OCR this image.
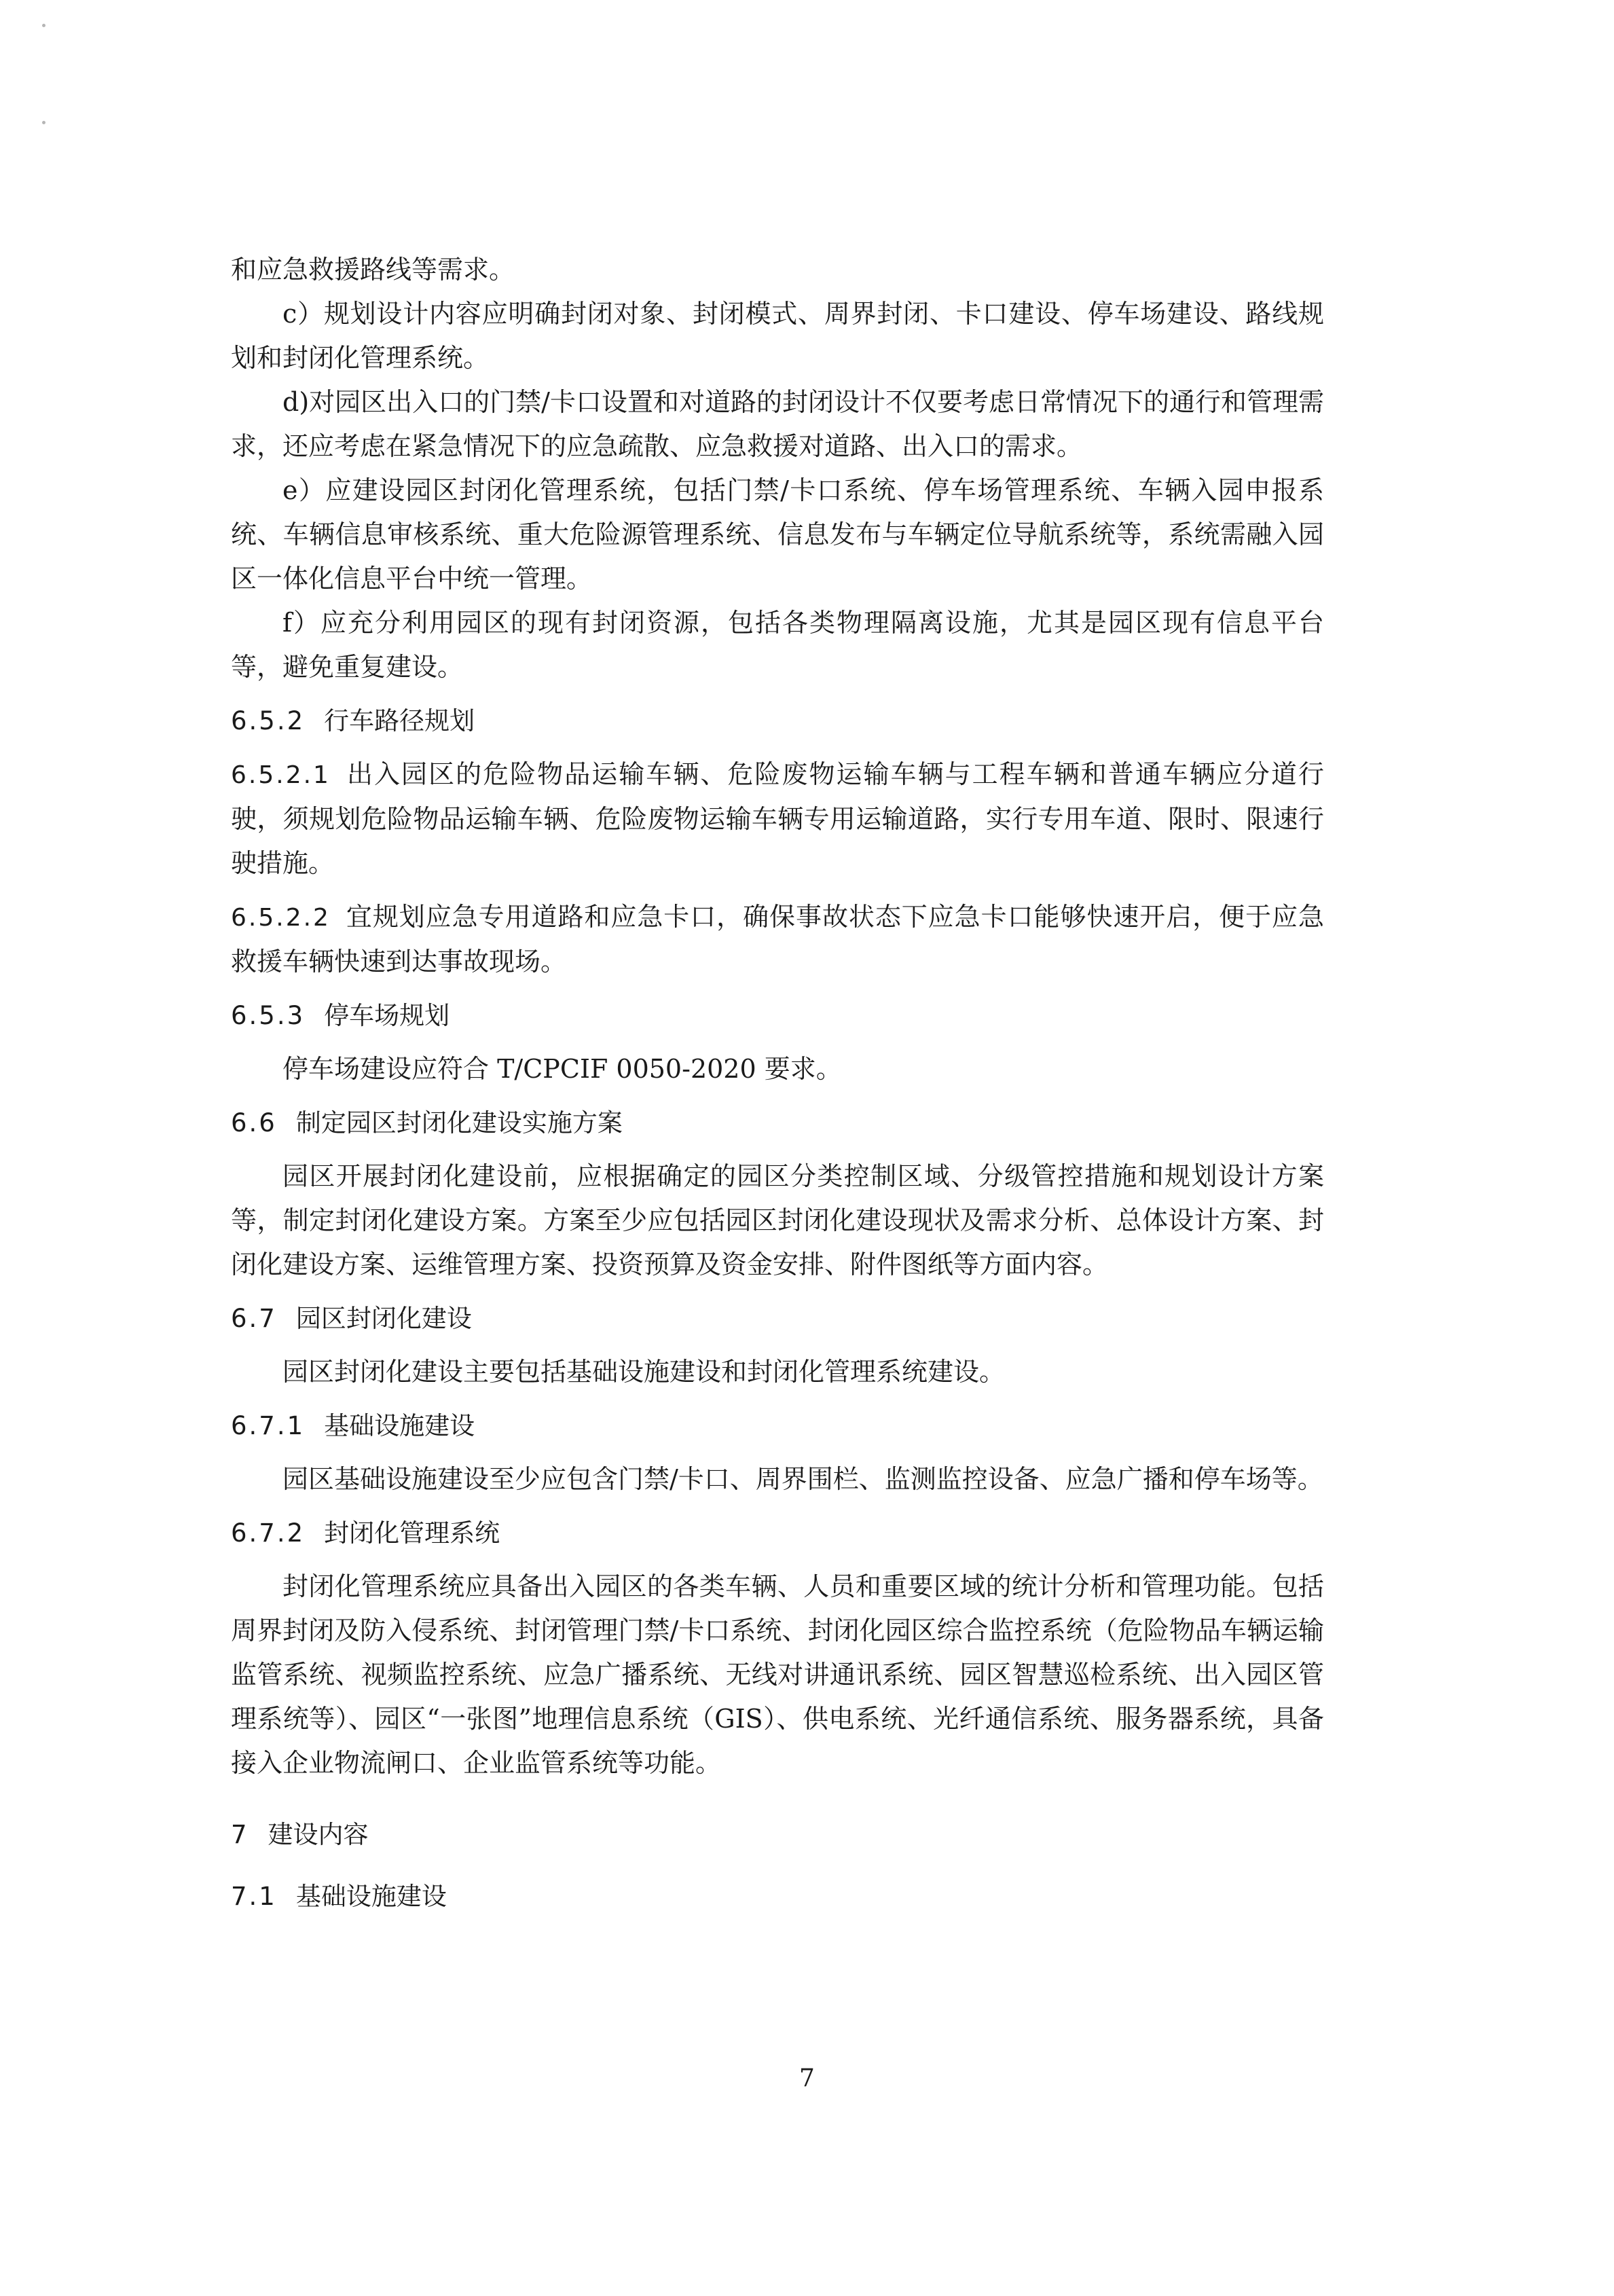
和应急救援路线等需求。

c）规划设计内容应明确封闭对象、封闭模式、周界封闭、卡口建设、停车场建设、路线规划和封闭化管理系统。

d)对园区出入口的门禁/卡口设置和对道路的封闭设计不仅要考虑日常情况下的通行和管理需求，还应考虑在紧急情况下的应急疏散、应急救援对道路、出入口的需求。

e）应建设园区封闭化管理系统，包括门禁/卡口系统、停车场管理系统、车辆入园申报系统、车辆信息审核系统、重大危险源管理系统、信息发布与车辆定位导航系统等，系统需融入园区一体化信息平台中统一管理。

f）应充分利用园区的现有封闭资源，包括各类物理隔离设施，尤其是园区现有信息平台等，避免重复建设。

6.5.2 行车路径规划

6.5.2.1 出入园区的危险物品运输车辆、危险废物运输车辆与工程车辆和普通车辆应分道行驶，须规划危险物品运输车辆、危险废物运输车辆专用运输道路，实行专用车道、限时、限速行驶措施。

6.5.2.2 宜规划应急专用道路和应急卡口，确保事故状态下应急卡口能够快速开启，便于应急救援车辆快速到达事故现场。

6.5.3 停车场规划

停车场建设应符合 T/CPCIF 0050-2020 要求。

6.6 制定园区封闭化建设实施方案

园区开展封闭化建设前，应根据确定的园区分类控制区域、分级管控措施和规划设计方案等，制定封闭化建设方案。方案至少应包括园区封闭化建设现状及需求分析、总体设计方案、封闭化建设方案、运维管理方案、投资预算及资金安排、附件图纸等方面内容。

6.7 园区封闭化建设

园区封闭化建设主要包括基础设施建设和封闭化管理系统建设。

6.7.1 基础设施建设

园区基础设施建设至少应包含门禁/卡口、周界围栏、监测监控设备、应急广播和停车场等。

6.7.2 封闭化管理系统

封闭化管理系统应具备出入园区的各类车辆、人员和重要区域的统计分析和管理功能。包括周界封闭及防入侵系统、封闭管理门禁/卡口系统、封闭化园区综合监控系统（危险物品车辆运输监管系统、视频监控系统、应急广播系统、无线对讲通讯系统、园区智慧巡检系统、出入园区管理系统等）、园区“一张图”地理信息系统（GIS）、供电系统、光纤通信系统、服务器系统，具备接入企业物流闸口、企业监管系统等功能。

7 建设内容
7.1 基础设施建设
7
